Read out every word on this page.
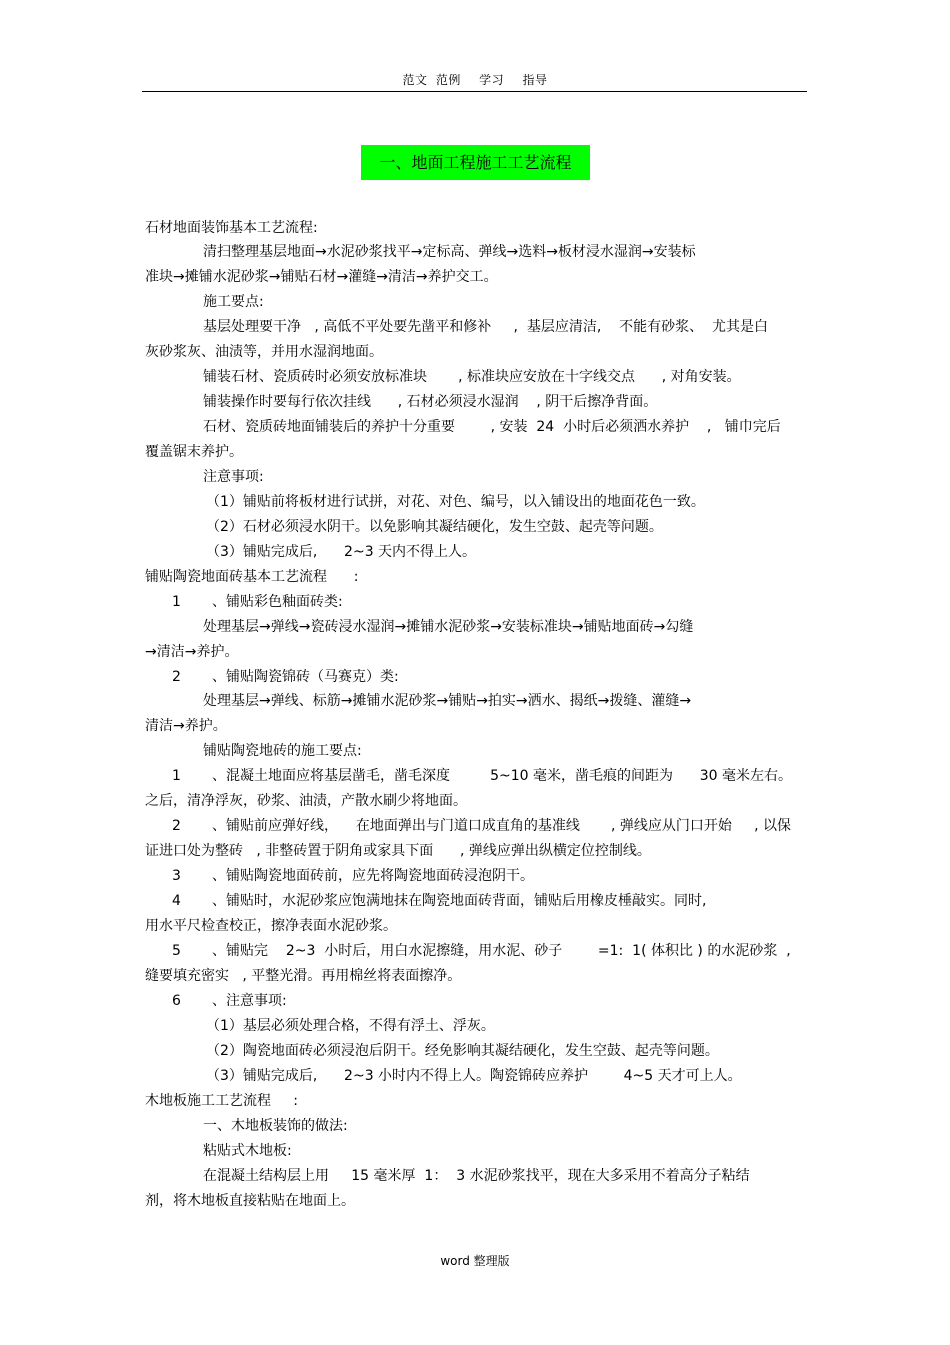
范文 范例 学习 指导
一、地面工程施工工艺流程
石材地面装饰基本工艺流程:
清扫整理基层地面→水泥砂浆找平→定标高、弹线→选料→板材浸水湿润→安装标
准块→摊铺水泥砂浆→铺贴石材→灌缝→清洁→养护交工。
施工要点:
基层处理要干净   , 高低不平处要先凿平和修补     ,  基层应清洁,    不能有砂浆、  尤其是白
灰砂浆灰、油渍等，并用水湿润地面。
铺装石材、瓷质砖时必须安放标准块       , 标准块应安放在十字线交点      , 对角安装。
铺装操作时要每行依次挂线      , 石材必须浸水湿润    , 阴干后擦净背面。
石材、瓷质砖地面铺装后的养护十分重要        , 安装  24  小时后必须洒水养护    ,   铺巾完后
覆盖锯末养护。
注意事项:
（1）铺贴前将板材进行试拼，对花、对色、编号，以入铺设出的地面花色一致。
（2）石材必须浸水阴干。以免影响其凝结硬化，发生空鼓、起壳等问题。
（3）铺贴完成后,      2~3 天内不得上人。
铺贴陶瓷地面砖基本工艺流程      :
1       、铺贴彩色釉面砖类:
处理基层→弹线→瓷砖浸水湿润→摊铺水泥砂浆→安装标准块→铺贴地面砖→勾缝
→清洁→养护。
2       、铺贴陶瓷锦砖（马赛克）类:
处理基层→弹线、标筋→摊铺水泥砂浆→铺贴→拍实→洒水、揭纸→拨缝、灌缝→
清洁→养护。
铺贴陶瓷地砖的施工要点:
1       、混凝土地面应将基层凿毛，凿毛深度         5~10 毫米，凿毛痕的间距为      30 毫米左右。
之后，清净浮灰，砂浆、油渍，产散水刷少将地面。
2       、铺贴前应弹好线，    在地面弹出与门道口成直角的基准线       , 弹线应从门口开始     , 以保
证进口处为整砖   , 非整砖置于阴角或家具下面      , 弹线应弹出纵横定位控制线。
3       、铺贴陶瓷地面砖前，应先将陶瓷地面砖浸泡阴干。
4       、铺贴时，水泥砂浆应饱满地抹在陶瓷地面砖背面，铺贴后用橡皮棰敲实。同时,
用水平尺检查校正，擦净表面水泥砂浆。
5       、铺贴完    2~3  小时后，用白水泥擦缝，用水泥、砂子        =1:  1( 体积比 ) 的水泥砂浆  ,
缝要填充密实   , 平整光滑。再用棉丝将表面擦净。
6       、注意事项:
（1）基层必须处理合格，不得有浮土、浮灰。
（2）陶瓷地面砖必须浸泡后阴干。经免影响其凝结硬化，发生空鼓、起壳等问题。
（3）铺贴完成后,      2~3 小时内不得上人。陶瓷锦砖应养护        4~5 天才可上人。
木地板施工工艺流程     :
一、木地板装饰的做法:
粘贴式木地板:
在混凝土结构层上用     15 毫米厚  1：  3 水泥砂浆找平，现在大多采用不着高分子粘结
剂，将木地板直接粘贴在地面上。
word 整理版
